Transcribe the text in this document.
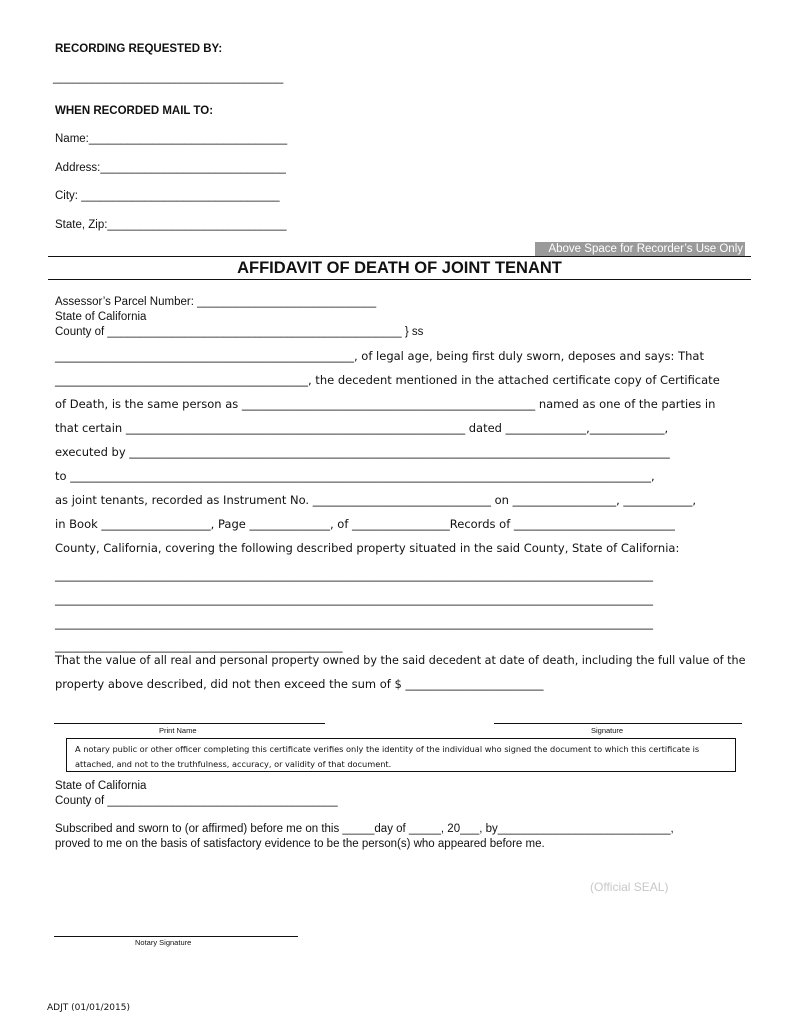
RECORDING REQUESTED BY:
____________________________________
WHEN RECORDED MAIL TO:
Name:_______________________________
Address:_____________________________
City: _______________________________
State, Zip:____________________________
Above Space for Recorder’s Use Only
AFFIDAVIT OF DEATH OF JOINT TENANT
Assessor’s Parcel Number: ____________________________
State of California
County of ______________________________________________ } ss
____________________________________________________, of legal age, being first duly sworn, deposes and says: That
____________________________________________, the decedent mentioned in the attached certificate copy of Certificate
of Death, is the same person as ___________________________________________________ named as one of the parties in
that certain ___________________________________________________________ dated ______________,_____________,
executed by ______________________________________________________________________________________________
to _____________________________________________________________________________________________________,
as joint tenants, recorded as Instrument No. _______________________________ on __________________, ____________,
in Book ___________________, Page ______________, of _________________Records of ____________________________
County, California, covering the following described property situated in the said County, State of California:
________________________________________________________________________________________________________
________________________________________________________________________________________________________
________________________________________________________________________________________________________
__________________________________________________
That the value of all real and personal property owned by the said decedent at date of death, including the full value of the
property above described, did not then exceed the sum of $ ________________________
Print Name	Signature
A notary public or other officer completing this certificate verifies only the identity of the individual who signed the document to which this certificate is attached, and not to the truthfulness, accuracy, or validity of that document.
State of California
County of ____________________________________
Subscribed and sworn to (or affirmed) before me on this _____day of _____, 20___, by___________________________,
proved to me on the basis of satisfactory evidence to be the person(s) who appeared before me.
(Official SEAL)
Notary Signature
ADJT (01/01/2015)
